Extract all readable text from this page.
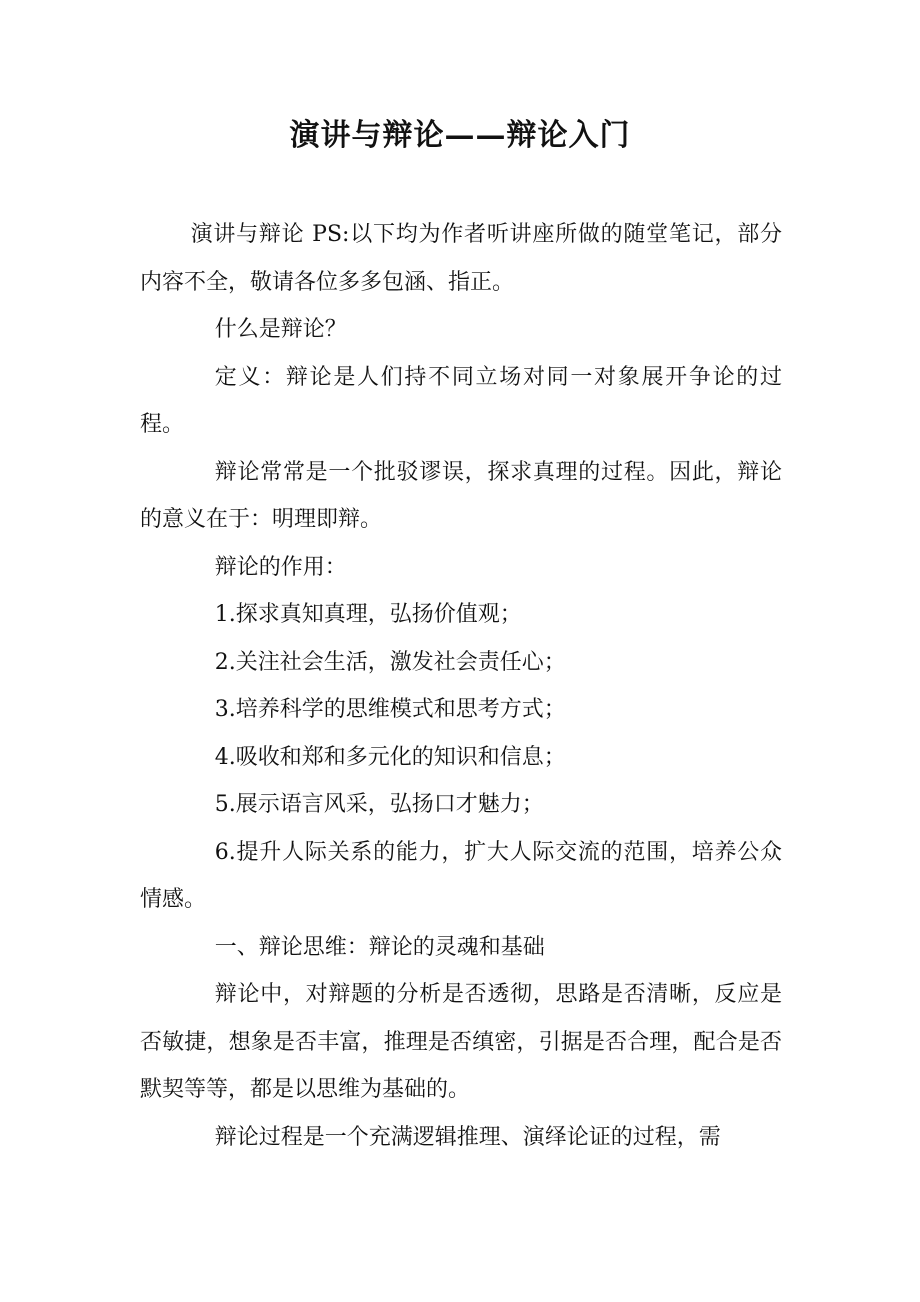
演讲与辩论——辩论入门

演讲与辩论 PS:以下均为作者听讲座所做的随堂笔记，部分内容不全，敬请各位多多包涵、指正。

什么是辩论？

定义：辩论是人们持不同立场对同一对象展开争论的过程。

辩论常常是一个批驳谬误，探求真理的过程。因此，辩论的意义在于：明理即辩。

辩论的作用：

1.探求真知真理，弘扬价值观；

2.关注社会生活，激发社会责任心；

3.培养科学的思维模式和思考方式；

4.吸收和郑和多元化的知识和信息；

5.展示语言风采，弘扬口才魅力；

6.提升人际关系的能力，扩大人际交流的范围，培养公众情感。

一、辩论思维：辩论的灵魂和基础

辩论中，对辩题的分析是否透彻，思路是否清晰，反应是否敏捷，想象是否丰富，推理是否缜密，引据是否合理，配合是否默契等等，都是以思维为基础的。

辩论过程是一个充满逻辑推理、演绎论证的过程，需
